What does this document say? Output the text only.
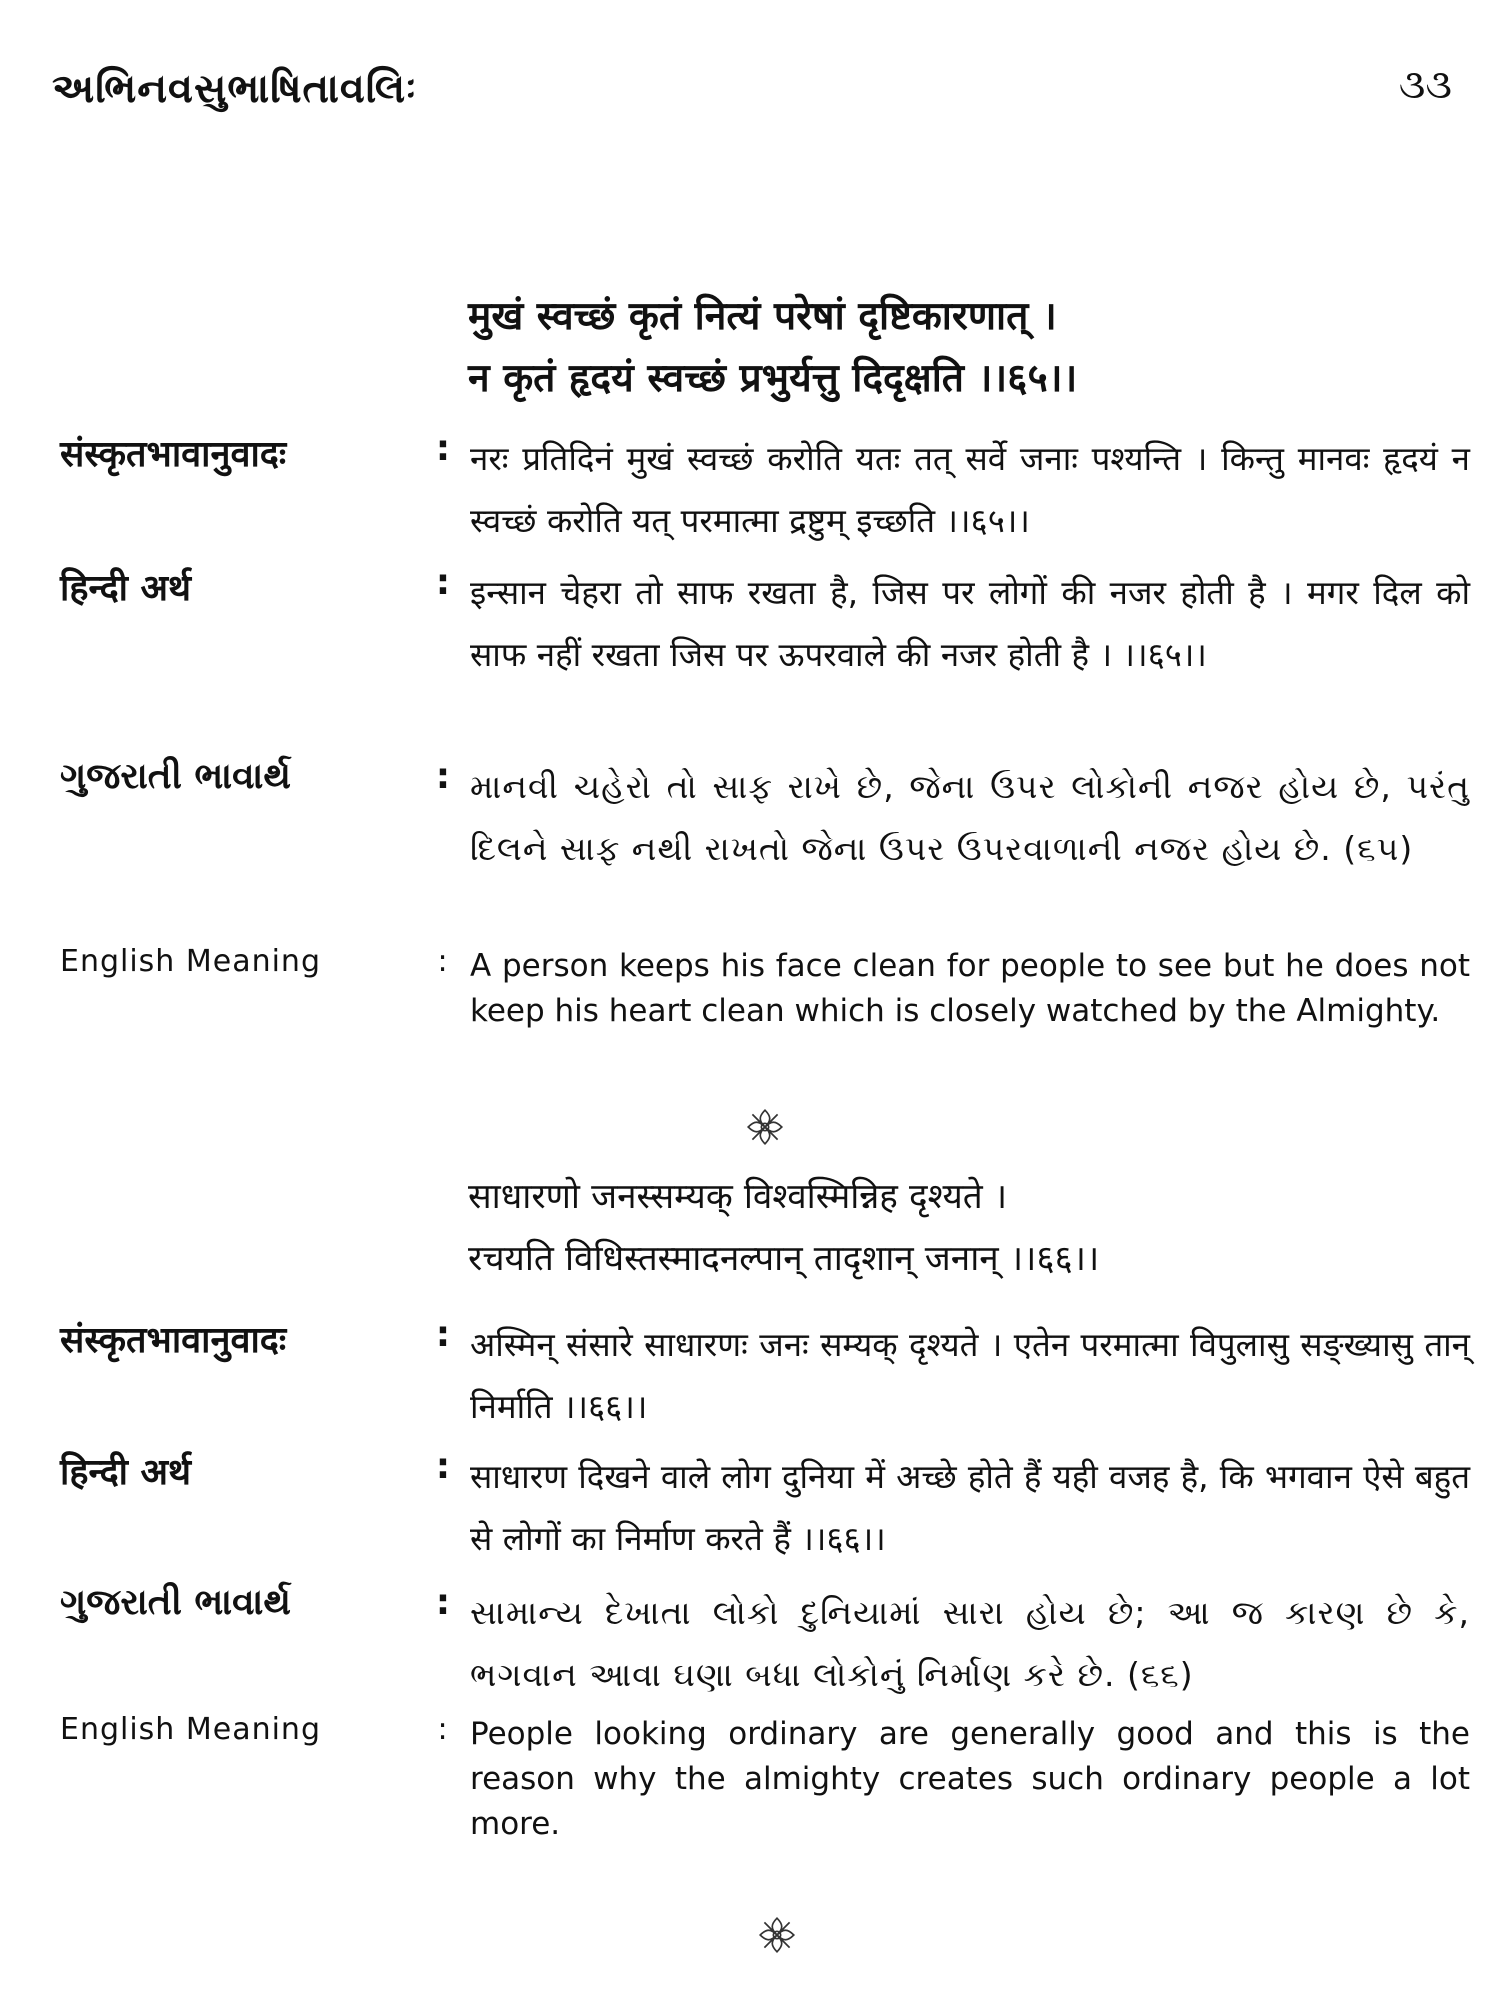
અભિનવસુભાષિતાવલિઃ	૩૩
मुखं स्वच्छं कृतं नित्यं परेषां दृष्टिकारणात् ।
न कृतं हृदयं स्वच्छं प्रभुर्यत्तु दिदृक्षति ।।६५।।
संस्कृतभावानुवादः	: नरः प्रतिदिनं मुखं स्वच्छं करोति यतः तत् सर्वे जनाः पश्यन्ति । किन्तु मानवः हृदयं न स्वच्छं करोति यत् परमात्मा द्रष्टुम् इच्छति ।।६५।।
हिन्दी अर्थ	: इन्सान चेहरा तो साफ रखता है, जिस पर लोगों की नजर होती है । मगर दिल को साफ नहीं रखता जिस पर ऊपरवाले की नजर होती है । ।।६५।।
ગુજરાતી ભાવાર્થ	: માનવી ચહેરો તો સાફ રાખે છે, જેના ઉપર લોકોની નજર હોય છે, પરંતુ દિલને સાફ નથી રાખતો જેના ઉપર ઉપરવાળાની નજર હોય છે. (૬૫)
English Meaning	: A person keeps his face clean for people to see but he does not keep his heart clean which is closely watched by the Almighty.
साधारणो जनस्सम्यक् विश्वस्मिन्निह दृश्यते ।
रचयति विधिस्तस्मादनल्पान् तादृशान् जनान् ।।६६।।
संस्कृतभावानुवादः	: अस्मिन् संसारे साधारणः जनः सम्यक् दृश्यते । एतेन परमात्मा विपुलासु सङ्ख्यासु तान् निर्माति ।।६६।।
हिन्दी अर्थ	: साधारण दिखने वाले लोग दुनिया में अच्छे होते हैं यही वजह है, कि भगवान ऐसे बहुत से लोगों का निर्माण करते हैं ।।६६।।
ગુજરાતી ભાવાર્થ	: સામાન્ય દેખાતા લોકો દુનિયામાં સારા હોય છે; આ જ કારણ છે કે, ભગવાન આવા ઘણા બધા લોકોનું નિર્માણ કરે છે. (૬૬)
English Meaning	: People looking ordinary are generally good and this is the reason why the almighty creates such ordinary people a lot more.
